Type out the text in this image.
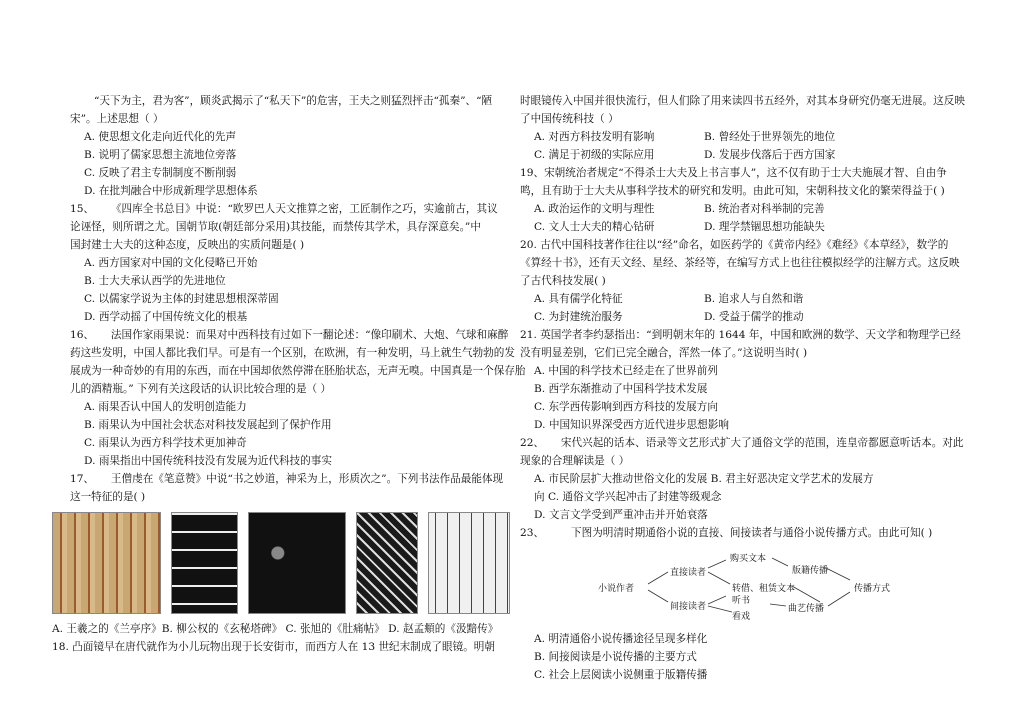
“天下为主，君为客”，顾炎武揭示了“私天下”的危害，王夫之则猛烈抨击“孤秦”、“陋
宋”。上述思想（ ）
A. 使思想文化走向近代化的先声
B. 说明了儒家思想主流地位旁落
C. 反映了君主专制制度不断削弱
D. 在批判融合中形成新理学思想体系
15、 《四库全书总目》中说：“欧罗巴人天文推算之密，工匠制作之巧，实逾前古，其议
论诬怪，则所谓之尤。国朝节取(朝廷部分采用)其技能，而禁传其学术，具存深意矣。”中
国封建士大夫的这种态度，反映出的实质问题是( )
A. 西方国家对中国的文化侵略已开始
B. 士大夫承认西学的先进地位
C. 以儒家学说为主体的封建思想根深蒂固
D. 西学动摇了中国传统文化的根基
16、 法国作家雨果说：而果对中西科技有过如下一翻论述：“像印刷术、大炮、气球和麻醉
药这些发明，中国人都比我们早。可是有一个区别，在欧洲，有一种发明，马上就生气勃勃的发
展成为一种奇妙的有用的东西，而在中国却依然停滞在胚胎状态，无声无嗅。中国真是一个保存胎
儿的酒精瓶。” 下列有关这段话的认识比较合理的是（ ）
A. 雨果否认中国人的发明创造能力
B. 雨果认为中国社会状态对科技发展起到了保护作用
C. 雨果认为西方科学技术更加神奇
D. 雨果指出中国传统科技没有发展为近代科技的事实
17、 王僧虔在《笔意赞》中说“书之妙道，神采为上，形质次之”。下列书法作品最能体现
这一特征的是( )
A. 王羲之的《兰亭序》B. 柳公权的《玄秘塔碑》 C. 张旭的《肚痛帖》 D. 赵孟頫的《汲黯传》
18. 凸面镜早在唐代就作为小儿玩物出现于长安街市，而西方人在 13 世纪末制成了眼镜。明朝
时眼镜传入中国并很快流行，但人们除了用来读四书五经外，对其本身研究仍毫无进展。这反映
了中国传统科技（ ）
A. 对西方科技发明有影响	B. 曾经处于世界领先的地位
C. 满足于初级的实际应用	D. 发展步伐落后于西方国家
19、宋朝统治者规定“不得杀士大夫及上书言事人”，这不仅有助于士大夫施展才智、自由争
鸣，且有助于士大夫从事科学技术的研究和发明。由此可知，宋朝科技文化的繁荣得益于( )
A. 政治运作的文明与理性	B. 统治者对科举制的完善
C. 文人士大夫的精心钻研	D. 理学禁锢思想功能缺失
20. 古代中国科技著作往往以“经”命名，如医药学的《黄帝内经》《难经》《本草经》，数学的
《算经十书》，还有天文经、星经、茶经等，在编写方式上也往往模拟经学的注解方式。这反映
了古代科技发展( )
A. 具有儒学化特征	B. 追求人与自然和谐
C. 为封建统治服务	D. 受益于儒学的推动
21. 英国学者李约瑟指出：“到明朝末年的 1644 年，中国和欧洲的数学、天文学和物理学已经
没有明显差别，它们已完全融合，浑然一体了。”这说明当时( )
A. 中国的科学技术已经走在了世界前列
B. 西学东渐推动了中国科学技术发展
C. 东学西传影响到西方科技的发展方向
D. 中国知识界深受西方近代进步思想影响
22、 宋代兴起的话本、语录等文艺形式扩大了通俗文学的范围，连皇帝都愿意听话本。对此
现象的合理解读是（ ）
A. 市民阶层扩大推动世俗文化的发展 B. 君主好恶决定文学艺术的发展方
向 C. 通俗文学兴起冲击了封建等级观念
D. 文言文学受到严重冲击并开始衰落
23、	下图为明清时期通俗小说的直接、间接读者与通俗小说传播方式。由此可知( )
小说作者
直接读者
间接读者
购买文本
转借、租赁文本
听书
看戏
版籍传播
曲艺传播
传播方式
A. 明清通俗小说传播途径呈现多样化
B. 间接阅读是小说传播的主要方式
C. 社会上层阅读小说侧重于版籍传播
